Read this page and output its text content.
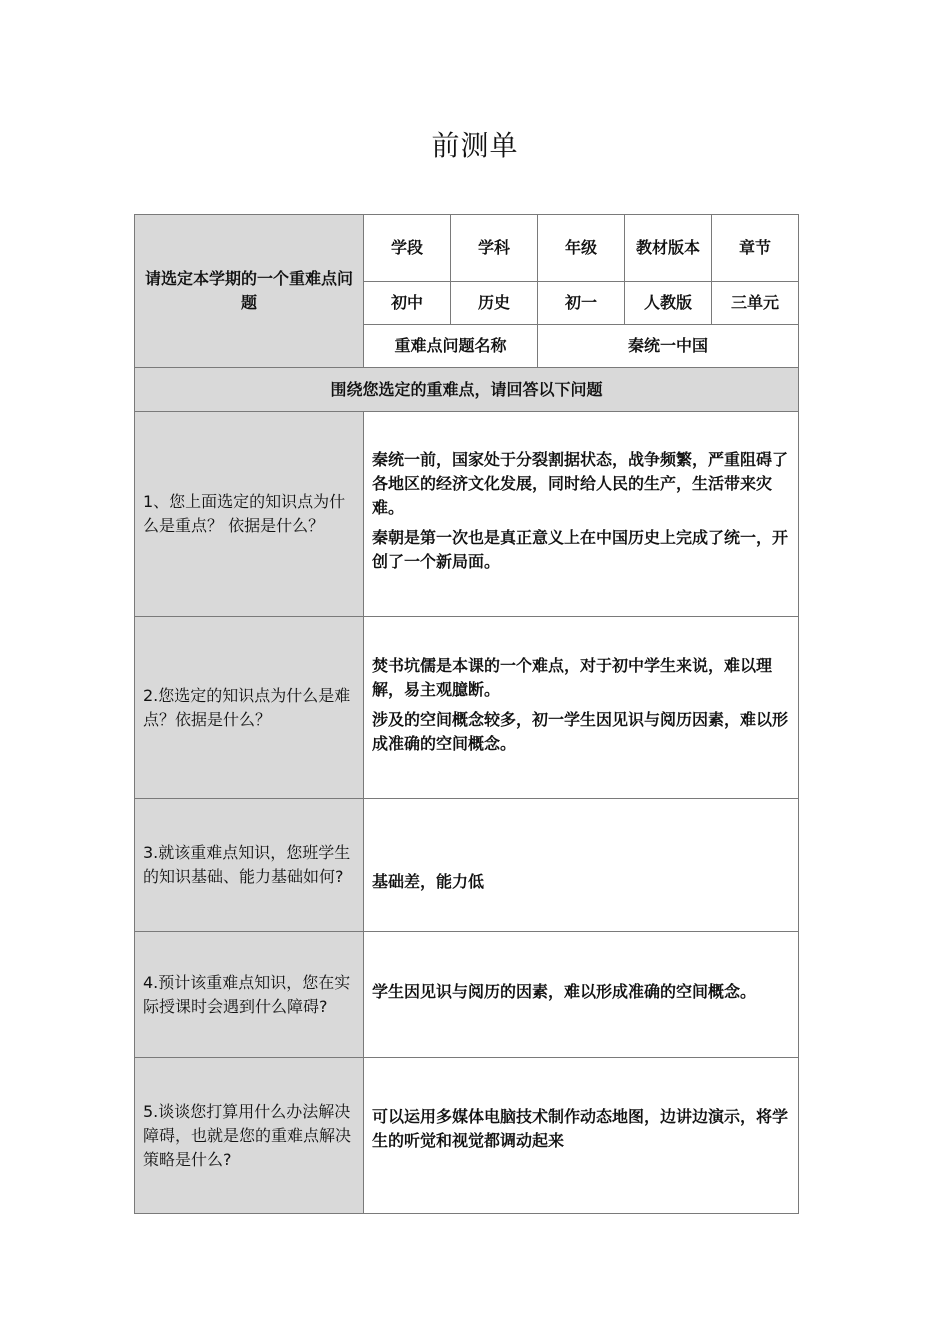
前测单
请选定本学期的一个重难点问题	学段	学科	年级	教材版本	章节
	初中	历史	初一	人教版	三单元
	重难点问题名称		秦统一中国		
围绕您选定的重难点，请回答以下问题					
1、您上面选定的知识点为什么是重点？ 依据是什么？	秦统一前，国家处于分裂割据状态，战争频繁，严重阻碍了各地区的经济文化发展，同时给人民的生产，生活带来灾难。

秦朝是第一次也是真正意义上在中国历史上完成了统一，开创了一个新局面。				

2.您选定的知识点为什么是难点？依据是什么？	焚书坑儒是本课的一个难点，对于初中学生来说，难以理解，易主观臆断。

涉及的空间概念较多，初一学生因见识与阅历因素，难以形成准确的空间概念。				

3.就该重难点知识，您班学生的知识基础、能力基础如何?	基础差，能力低				

4.预计该重难点知识，您在实际授课时会遇到什么障碍?	学生因见识与阅历的因素，难以形成准确的空间概念。				

5.谈谈您打算用什么办法解决障碍，也就是您的重难点解决策略是什么?	可以运用多媒体电脑技术制作动态地图，边讲边演示，将学生的听觉和视觉都调动起来				
